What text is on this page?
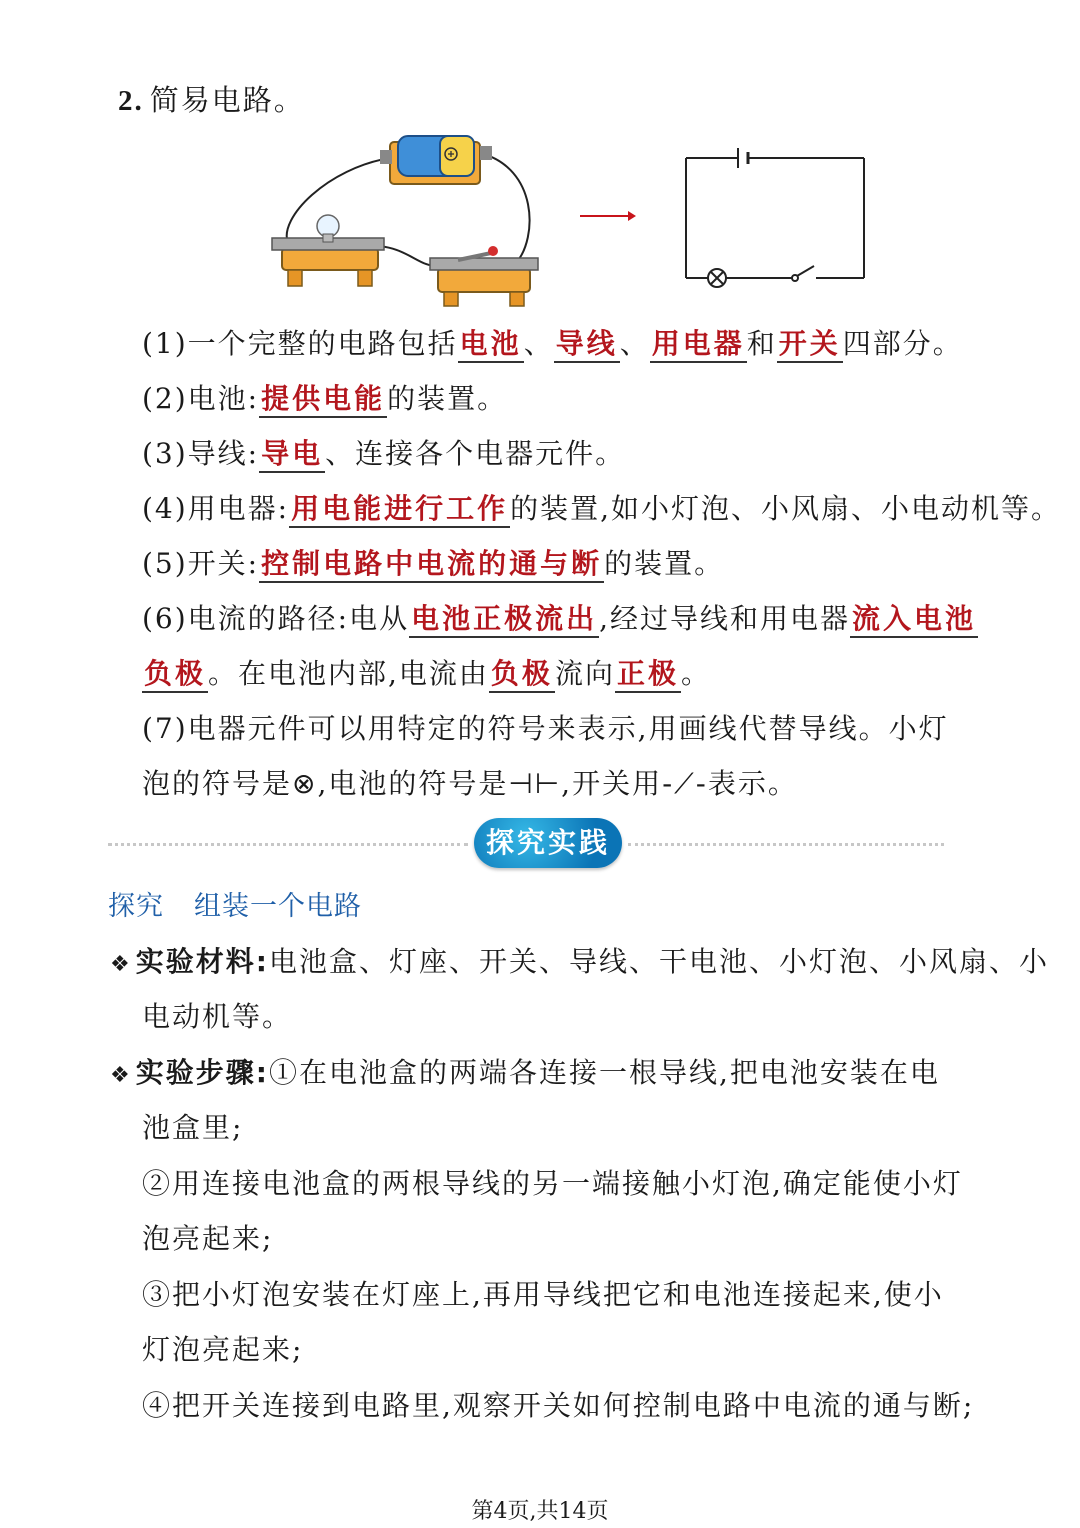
2. 简易电路。
(1)一个完整的电路包括电池、导线、用电器和开关四部分。
(2)电池:提供电能的装置。
(3)导线:导电、连接各个电器元件。
(4)用电器:用电能进行工作的装置,如小灯泡、小风扇、小电动机等。
(5)开关:控制电路中电流的通与断的装置。
(6)电流的路径:电从电池正极流出,经过导线和用电器流入电池
负极。在电池内部,电流由负极流向正极。
(7)电器元件可以用特定的符号来表示,用画线代替导线。小灯
泡的符号是⊗,电池的符号是⊣⊢,开关用-⟋-表示。
探究实践
探究 组装一个电路
❖ 实验材料:电池盒、灯座、开关、导线、干电池、小灯泡、小风扇、小
电动机等。
❖ 实验步骤:①在电池盒的两端各连接一根导线,把电池安装在电
池盒里;
②用连接电池盒的两根导线的另一端接触小灯泡,确定能使小灯
泡亮起来;
③把小灯泡安装在灯座上,再用导线把它和电池连接起来,使小
灯泡亮起来;
④把开关连接到电路里,观察开关如何控制电路中电流的通与断;
第4页,共14页
